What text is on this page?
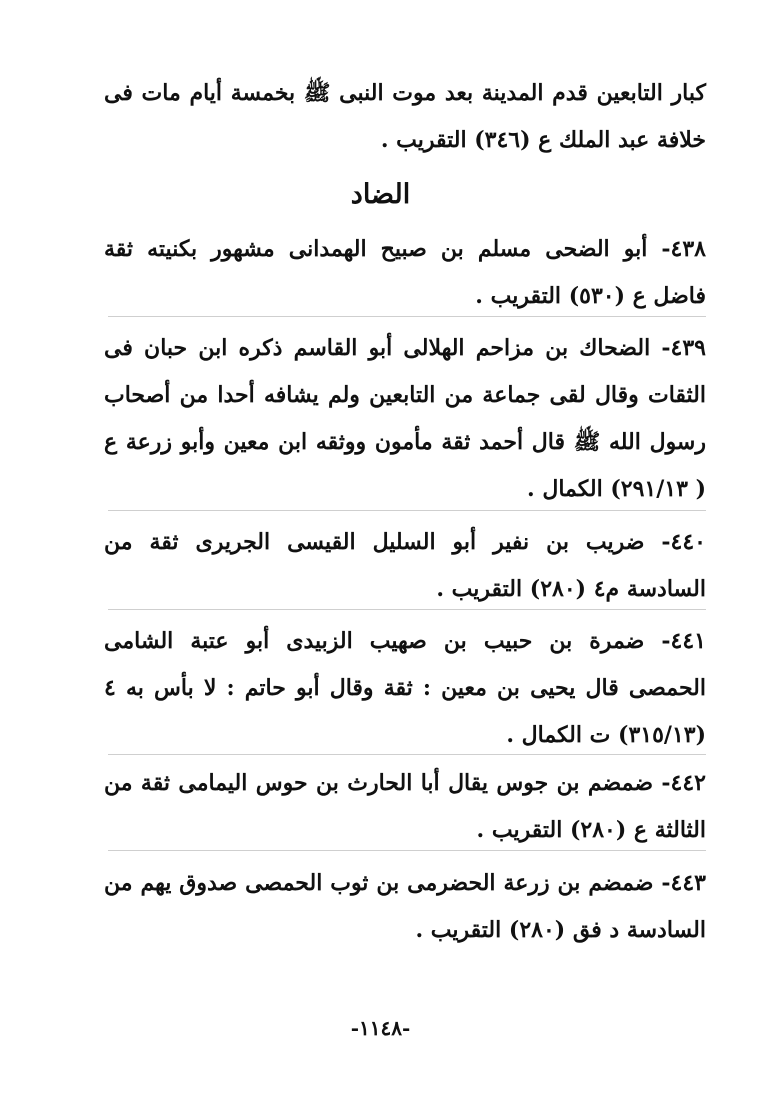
كبار التابعين قدم المدينة بعد موت النبى ﷺ بخمسة أيام مات فى خلافة عبد الملك ع (٣٤٦) التقريب .

الضاد

٤٣٨- أبو الضحى مسلم بن صبيح الهمدانى مشهور بكنيته ثقة فاضل ع (٥٣٠) التقريب .

٤٣٩- الضحاك بن مزاحم الهلالى أبو القاسم ذكره ابن حبان فى الثقات وقال لقى جماعة من التابعين ولم يشافه أحدا من أصحاب رسول الله ﷺ قال أحمد ثقة مأمون ووثقه ابن معين وأبو زرعة ع ( ٢٩١/١٣) الكمال .

٤٤٠- ضريب بن نفير أبو السليل القيسى الجريرى ثقة من السادسة م٤ (٢٨٠) التقريب .

٤٤١- ضمرة بن حبيب بن صهيب الزبيدى أبو عتبة الشامى الحمصى قال يحيى بن معين : ثقة وقال أبو حاتم : لا بأس به ٤ (٣١٥/١٣) ت الكمال .

٤٤٢- ضمضم بن جوس يقال أبا الحارث بن حوس اليمامى ثقة من الثالثة ع (٢٨٠) التقريب .

٤٤٣- ضمضم بن زرعة الحضرمى بن ثوب الحمصى صدوق يهم من السادسة د فق (٢٨٠) التقريب .

-١١٤٨-
